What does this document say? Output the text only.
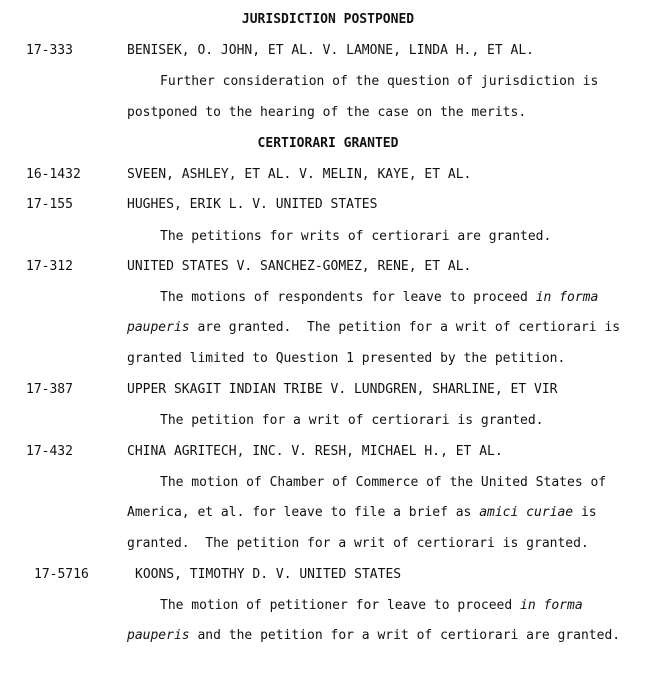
JURISDICTION POSTPONED
17-333	BENISEK, O. JOHN, ET AL. V. LAMONE, LINDA H., ET AL.
Further consideration of the question of jurisdiction is
postponed to the hearing of the case on the merits.
CERTIORARI GRANTED
16-1432	SVEEN, ASHLEY, ET AL. V. MELIN, KAYE, ET AL.
17-155	HUGHES, ERIK L. V. UNITED STATES
The petitions for writs of certiorari are granted.
17-312	UNITED STATES V. SANCHEZ-GOMEZ, RENE, ET AL.
The motions of respondents for leave to proceed in forma
pauperis are granted.  The petition for a writ of certiorari is
granted limited to Question 1 presented by the petition.
17-387	UPPER SKAGIT INDIAN TRIBE V. LUNDGREN, SHARLINE, ET VIR
The petition for a writ of certiorari is granted.
17-432	CHINA AGRITECH, INC. V. RESH, MICHAEL H., ET AL.
The motion of Chamber of Commerce of the United States of
America, et al. for leave to file a brief as amici curiae is
granted.  The petition for a writ of certiorari is granted.
17-5716	KOONS, TIMOTHY D. V. UNITED STATES
The motion of petitioner for leave to proceed in forma
pauperis and the petition for a writ of certiorari are granted.
